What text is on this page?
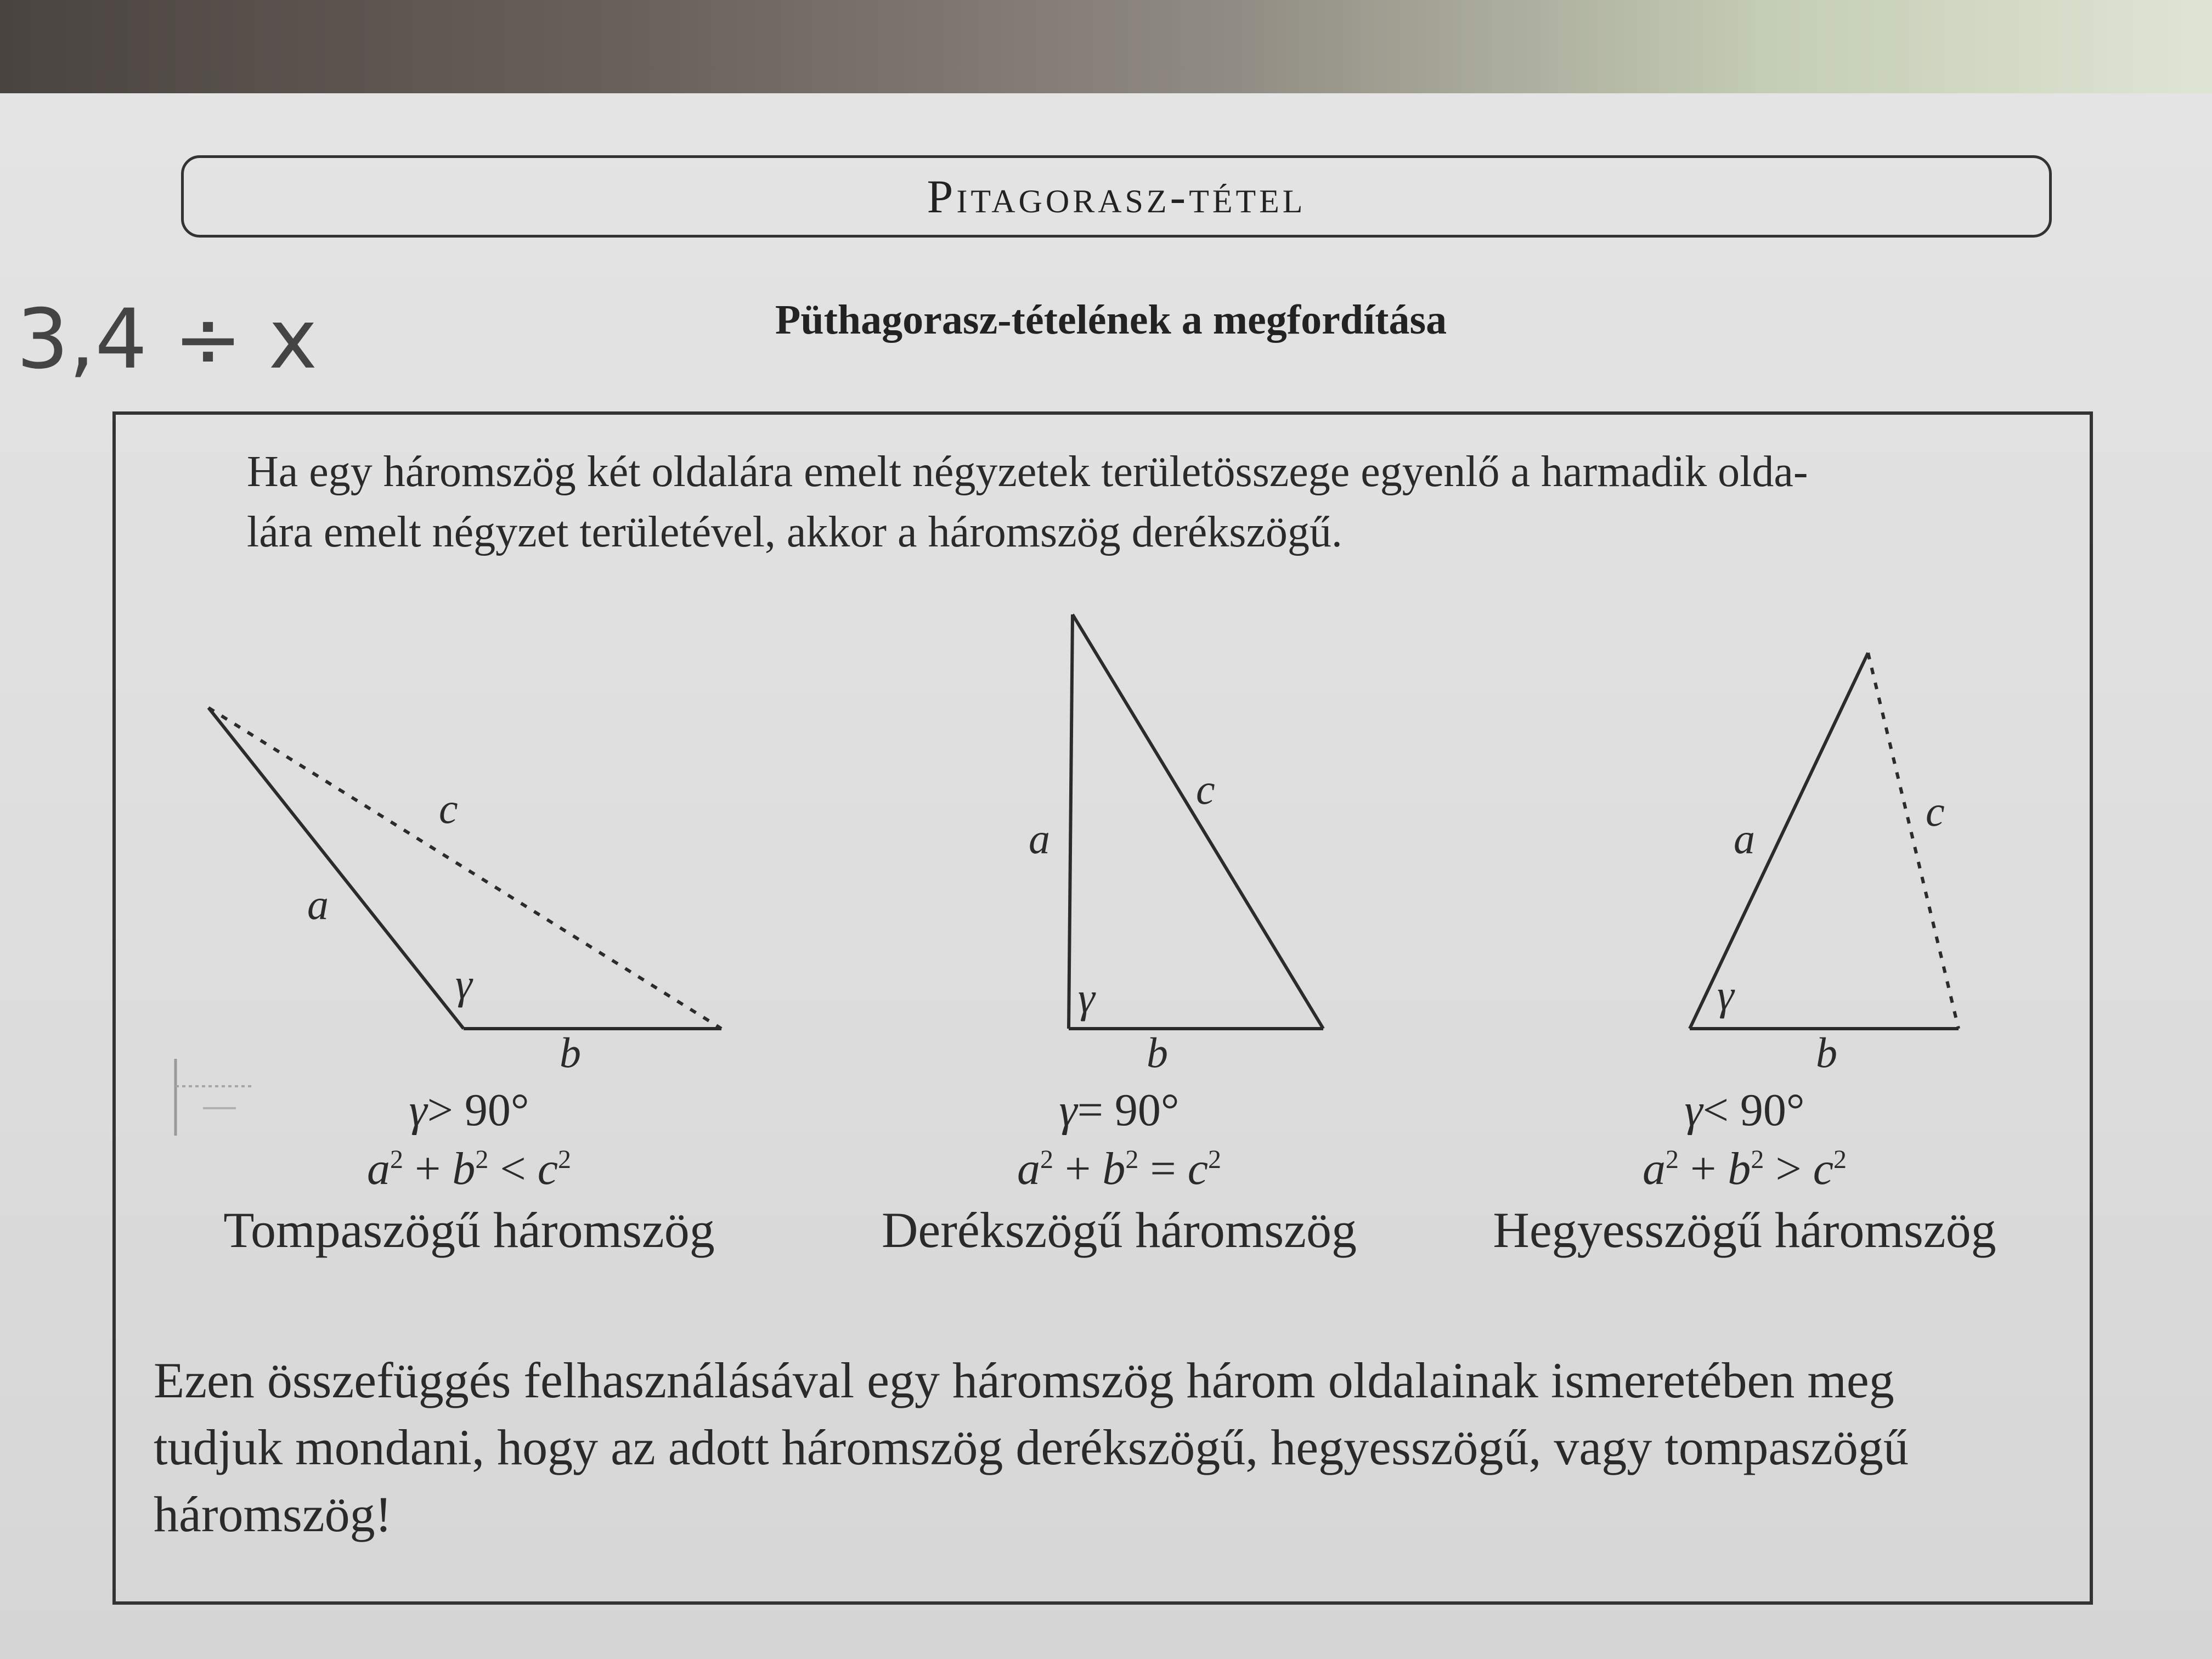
Pitagorasz-tétel
3,4 ÷ x	Püthagorasz-tételének a megfordítása
Ha egy háromszög két oldalára emelt négyzetek területösszege egyenlő a harmadik olda-
lára emelt négyzet területével, akkor a háromszög derékszögű.
a
b
c
γ
a
b
c
γ
a
b
c
γ
γ> 90°
$a^2 + b^2 < c^2$
Tompaszögű háromszög
γ= 90°
$a^2 + b^2 = c^2$
Derékszögű háromszög
γ< 90°
$a^2 + b^2 > c^2$
Hegyesszögű háromszög
Ezen összefüggés felhasználásával egy háromszög három oldalainak ismeretében meg
tudjuk mondani, hogy az adott háromszög derékszögű, hegyesszögű, vagy tompaszögű
háromszög!
